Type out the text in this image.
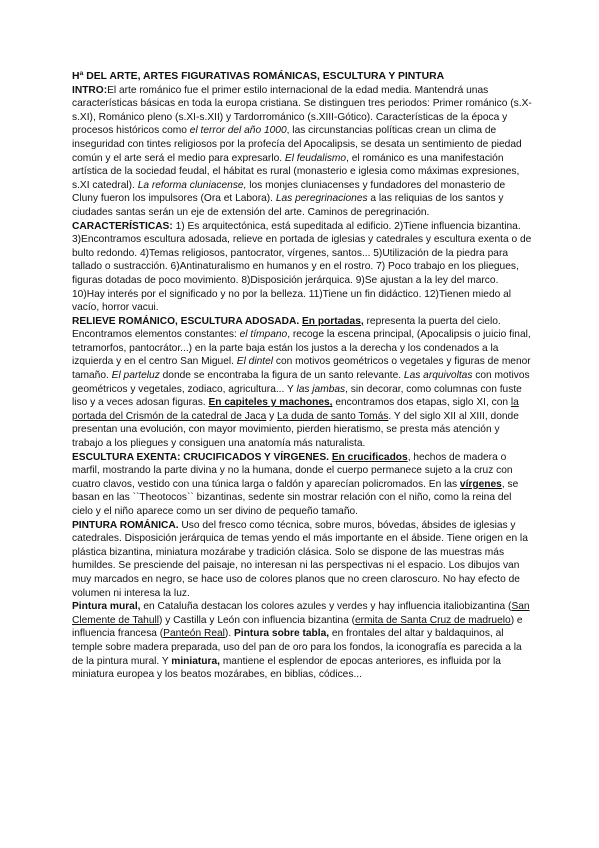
Hª DEL ARTE, ARTES FIGURATIVAS ROMÁNICAS, ESCULTURA Y PINTURA

INTRO:El arte románico fue el primer estilo internacional de la edad media. Mantendrá unas características básicas en toda la europa cristiana. Se distinguen tres periodos: Primer románico (s.X-s.XI), Románico pleno (s.XI-s.XII) y Tardorrománico (s.XIII-Gótico). Características de la época y procesos históricos como el terror del año 1000, las circunstancias políticas crean un clima de inseguridad con tintes religiosos por la profecía del Apocalipsis, se desata un sentimiento de piedad común y el arte será el medio para expresarlo. El feudalismo, el románico es una manifestación artística de la sociedad feudal, el hábitat es rural (monasterio e iglesia como máximas expresiones, s.XI catedral). La reforma cluniacense, los monjes cluniacenses y fundadores del monasterio de Cluny fueron los impulsores (Ora et Labora). Las peregrinaciones a las reliquias de los santos y ciudades santas serán un eje de extensión del arte. Caminos de peregrinación.

CARACTERÍSTICAS: 1) Es arquitectónica, está supeditada al edificio. 2)Tiene influencia bizantina. 3)Encontramos escultura adosada, relieve en portada de iglesias y catedrales y escultura exenta o de bulto redondo. 4)Temas religiosos, pantocrator, vírgenes, santos... 5)Utilización de la piedra para tallado o sustracción. 6)Antinaturalismo en humanos y en el rostro. 7) Poco trabajo en los pliegues, figuras dotadas de poco movimiento. 8)Disposición jerárquica. 9)Se ajustan a la ley del marco. 10)Hay interés por el significado y no por la belleza. 11)Tiene un fin didáctico. 12)Tienen miedo al vacío, horror vacui.

RELIEVE ROMÁNICO, ESCULTURA ADOSADA. En portadas, representa la puerta del cielo. Encontramos elementos constantes: el tímpano, recoge la escena principal, (Apocalipsis o juicio final, tetramorfos, pantocrátor...) en la parte baja están los justos a la derecha y los condenados a la izquierda y en el centro San Miguel. El dintel con motivos geométricos o vegetales y figuras de menor tamaño. El parteluz donde se encontraba la figura de un santo relevante. Las arquivoltas con motivos geométricos y vegetales, zodiaco, agricultura... Y las jambas, sin decorar, como columnas con fuste liso y a veces adosan figuras. En capiteles y machones, encontramos dos etapas, siglo XI, con la portada del Crismón de la catedral de Jaca y La duda de santo Tomás. Y del siglo XII al XIII, donde presentan una evolución, con mayor movimiento, pierden hieratismo, se presta más atención y trabajo a los pliegues y consiguen una anatomía más naturalista.

ESCULTURA EXENTA: CRUCIFICADOS Y VÍRGENES. En crucificados, hechos de madera o marfil, mostrando la parte divina y no la humana, donde el cuerpo permanece sujeto a la cruz con cuatro clavos, vestido con una túnica larga o faldón y aparecían policromados. En las vírgenes, se basan en las ``Theotocos`` bizantinas, sedente sin mostrar relación con el niño, como la reina del cielo y el niño aparece como un ser divino de pequeño tamaño.

PINTURA ROMÁNICA. Uso del fresco como técnica, sobre muros, bóvedas, ábsides de iglesias y catedrales. Disposición jerárquica de temas yendo el más importante en el ábside. Tiene origen en la plástica bizantina, miniatura mozárabe y tradición clásica. Solo se dispone de las muestras más humildes. Se presciende del paisaje, no interesan ni las perspectivas ni el espacio. Los dibujos van muy marcados en negro, se hace uso de colores planos que no creen claroscuro. No hay efecto de volumen ni interesa la luz.

Pintura mural, en Cataluña destacan los colores azules y verdes y hay influencia italiobizantina (San Clemente de Tahull) y Castilla y León con influencia bizantina (ermita de Santa Cruz de madruelo) e influencia francesa (Panteón Real). Pintura sobre tabla, en frontales del altar y baldaquinos, al temple sobre madera preparada, uso del pan de oro para los fondos, la iconografía es parecida a la de la pintura mural. Y miniatura, mantiene el esplendor de epocas anteriores, es influida por la miniatura europea y los beatos mozárabes, en biblias, códices...
